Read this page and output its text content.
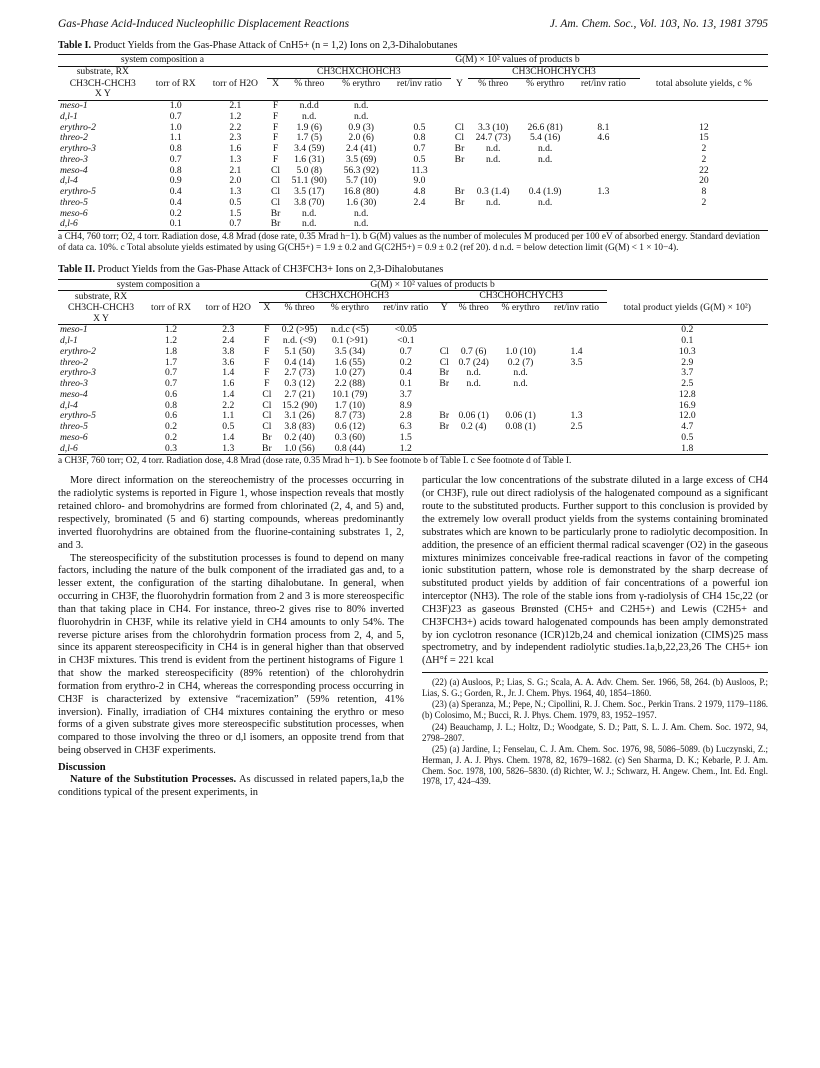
Gas-Phase Acid-Induced Nucleophilic Displacement Reactions	J. Am. Chem. Soc., Vol. 103, No. 13, 1981 3795
Table I. Product Yields from the Gas-Phase Attack of CnH5+ (n = 1,2) Ions on 2,3-Dihalobutanes
system composition a			G(M) × 10² values of products b									
substrate, RX			CH3CHXCHOHCH3					CH3CHOHCHYCH3				
CH3CH-CHCH3	torr of RX	torr of H2O	X	% threo	% erythro	ret/inv ratio	Y	% threo	% erythro	ret/inv ratio		total absolute yields, c %
X Y												
meso-1	1.0	2.1	F	n.d.d	n.d.							
d,l-1	0.7	1.2	F	n.d.	n.d.							
erythro-2	1.0	2.2	F	1.9 (6)	0.9 (3)	0.5	Cl	3.3 (10)	26.6 (81)	8.1		12
threo-2	1.1	2.3	F	1.7 (5)	2.0 (6)	0.8	Cl	24.7 (73)	5.4 (16)	4.6		15
erythro-3	0.8	1.6	F	3.4 (59)	2.4 (41)	0.7	Br	n.d.	n.d.			2
threo-3	0.7	1.3	F	1.6 (31)	3.5 (69)	0.5	Br	n.d.	n.d.			2
meso-4	0.8	2.1	Cl	5.0 (8)	56.3 (92)	11.3						22
d,l-4	0.9	2.0	Cl	51.1 (90)	5.7 (10)	9.0						20
erythro-5	0.4	1.3	Cl	3.5 (17)	16.8 (80)	4.8	Br	0.3 (1.4)	0.4 (1.9)	1.3		8
threo-5	0.4	0.5	Cl	3.8 (70)	1.6 (30)	2.4	Br	n.d.	n.d.			2
meso-6	0.2	1.5	Br	n.d.	n.d.							
d,l-6	0.1	0.7	Br	n.d.	n.d.							
a CH4, 760 torr; O2, 4 torr. Radiation dose, 4.8 Mrad (dose rate, 0.35 Mrad h−1). b G(M) values as the number of molecules M produced per 100 eV of absorbed energy. Standard deviation of data ca. 10%. c Total absolute yields estimated by using G(CH5+) = 1.9 ± 0.2 and G(C2H5+) = 0.9 ± 0.2 (ref 20). d n.d. = below detection limit (G(M) < 1 × 10−4).
Table II. Product Yields from the Gas-Phase Attack of CH3FCH3+ Ions on 2,3-Dihalobutanes
system composition a			G(M) × 10² values of products b								total product yields (G(M) × 10²)
substrate, RX			CH3CHXCHOHCH3				CH3CHOHCHYCH3				
CH3CH-CHCH3	torr of RX	torr of H2O	X	% threo	% erythro	ret/inv ratio	Y	% threo	% erythro	ret/inv ratio	
X Y											
meso-1	1.2	2.3	F	0.2 (>95)	n.d.c (<5)	<0.05					0.2
d,l-1	1.2	2.4	F	n.d. (<9)	0.1 (>91)	<0.1					0.1
erythro-2	1.8	3.8	F	5.1 (50)	3.5 (34)	0.7	Cl	0.7 (6)	1.0 (10)	1.4	10.3
threo-2	1.7	3.6	F	0.4 (14)	1.6 (55)	0.2	Cl	0.7 (24)	0.2 (7)	3.5	2.9
erythro-3	0.7	1.4	F	2.7 (73)	1.0 (27)	0.4	Br	n.d.	n.d.		3.7
threo-3	0.7	1.6	F	0.3 (12)	2.2 (88)	0.1	Br	n.d.	n.d.		2.5
meso-4	0.6	1.4	Cl	2.7 (21)	10.1 (79)	3.7					12.8
d,l-4	0.8	2.2	Cl	15.2 (90)	1.7 (10)	8.9					16.9
erythro-5	0.6	1.1	Cl	3.1 (26)	8.7 (73)	2.8	Br	0.06 (1)	0.06 (1)	1.3	12.0
threo-5	0.2	0.5	Cl	3.8 (83)	0.6 (12)	6.3	Br	0.2 (4)	0.08 (1)	2.5	4.7
meso-6	0.2	1.4	Br	0.2 (40)	0.3 (60)	1.5					0.5
d,l-6	0.3	1.3	Br	1.0 (56)	0.8 (44)	1.2					1.8
a CH3F, 760 torr; O2, 4 torr. Radiation dose, 4.8 Mrad (dose rate, 0.35 Mrad h−1). b See footnote b of Table I. c See footnote d of Table I.

More direct information on the stereochemistry of the processes occurring in the radiolytic systems is reported in Figure 1, whose inspection reveals that mostly retained chloro- and bromohydrins are formed from chlorinated (2, 4, and 5) and, respectively, brominated (5 and 6) starting compounds, whereas predominantly inverted fluorohydrins are obtained from the fluorine-containing substrates 1, 2, and 3.

The stereospecificity of the substitution processes is found to depend on many factors, including the nature of the bulk component of the irradiated gas and, to a lesser extent, the configuration of the starting dihalobutane. In general, when occurring in CH3F, the fluorohydrin formation from 2 and 3 is more stereospecific than that taking place in CH4. For instance, threo-2 gives rise to 80% inverted fluorohydrin in CH3F, while its relative yield in CH4 amounts to only 54%. The reverse picture arises from the chlorohydrin formation process from 2, 4, and 5, since its apparent stereospecificity in CH4 is in general higher than that observed in CH3F mixtures. This trend is evident from the pertinent histograms of Figure 1 that show the marked stereospecificity (89% retention) of the chlorohydrin formation from erythro-2 in CH4, whereas the corresponding process occurring in CH3F is characterized by extensive “racemization” (59% retention, 41% inversion). Finally, irradiation of CH4 mixtures containing the erythro or meso forms of a given substrate gives more stereospecific substitution processes, when compared to those involving the threo or d,l isomers, an opposite trend from that being observed in CH3F experiments.

Discussion

Nature of the Substitution Processes. As discussed in related papers,1a,b the conditions typical of the present experiments, in

particular the low concentrations of the substrate diluted in a large excess of CH4 (or CH3F), rule out direct radiolysis of the halogenated compound as a significant route to the substituted products. Further support to this conclusion is provided by the extremely low overall product yields from the systems containing brominated substrates which are known to be particularly prone to radiolytic decomposition. In addition, the presence of an efficient thermal radical scavenger (O2) in the gaseous mixtures minimizes conceivable free-radical reactions in favor of the competing ionic substitution pattern, whose role is demonstrated by the sharp decrease of substituted product yields by addition of fair concentrations of a powerful ion interceptor (NH3). The role of the stable ions from γ-radiolysis of CH4 15c,22 (or CH3F)23 as gaseous Brønsted (CH5+ and C2H5+) and Lewis (C2H5+ and CH3FCH3+) acids toward halogenated compounds has been amply demonstrated by ion cyclotron resonance (ICR)12b,24 and chemical ionization (CIMS)25 mass spectrometry, and by independent radiolytic studies.1a,b,22,23,26 The CH5+ ion (ΔH°f = 221 kcal

(22) (a) Ausloos, P.; Lias, S. G.; Scala, A. A. Adv. Chem. Ser. 1966, 58, 264. (b) Ausloos, P.; Lias, S. G.; Gorden, R., Jr. J. Chem. Phys. 1964, 40, 1854–1860.

(23) (a) Speranza, M.; Pepe, N.; Cipollini, R. J. Chem. Soc., Perkin Trans. 2 1979, 1179–1186. (b) Colosimo, M.; Bucci, R. J. Phys. Chem. 1979, 83, 1952–1957.

(24) Beauchamp, J. L.; Holtz, D.; Woodgate, S. D.; Patt, S. L. J. Am. Chem. Soc. 1972, 94, 2798–2807.

(25) (a) Jardine, I.; Fenselau, C. J. Am. Chem. Soc. 1976, 98, 5086–5089. (b) Luczynski, Z.; Herman, J. A. J. Phys. Chem. 1978, 82, 1679–1682. (c) Sen Sharma, D. K.; Kebarle, P. J. Am. Chem. Soc. 1978, 100, 5826–5830. (d) Richter, W. J.; Schwarz, H. Angew. Chem., Int. Ed. Engl. 1978, 17, 424–439.
